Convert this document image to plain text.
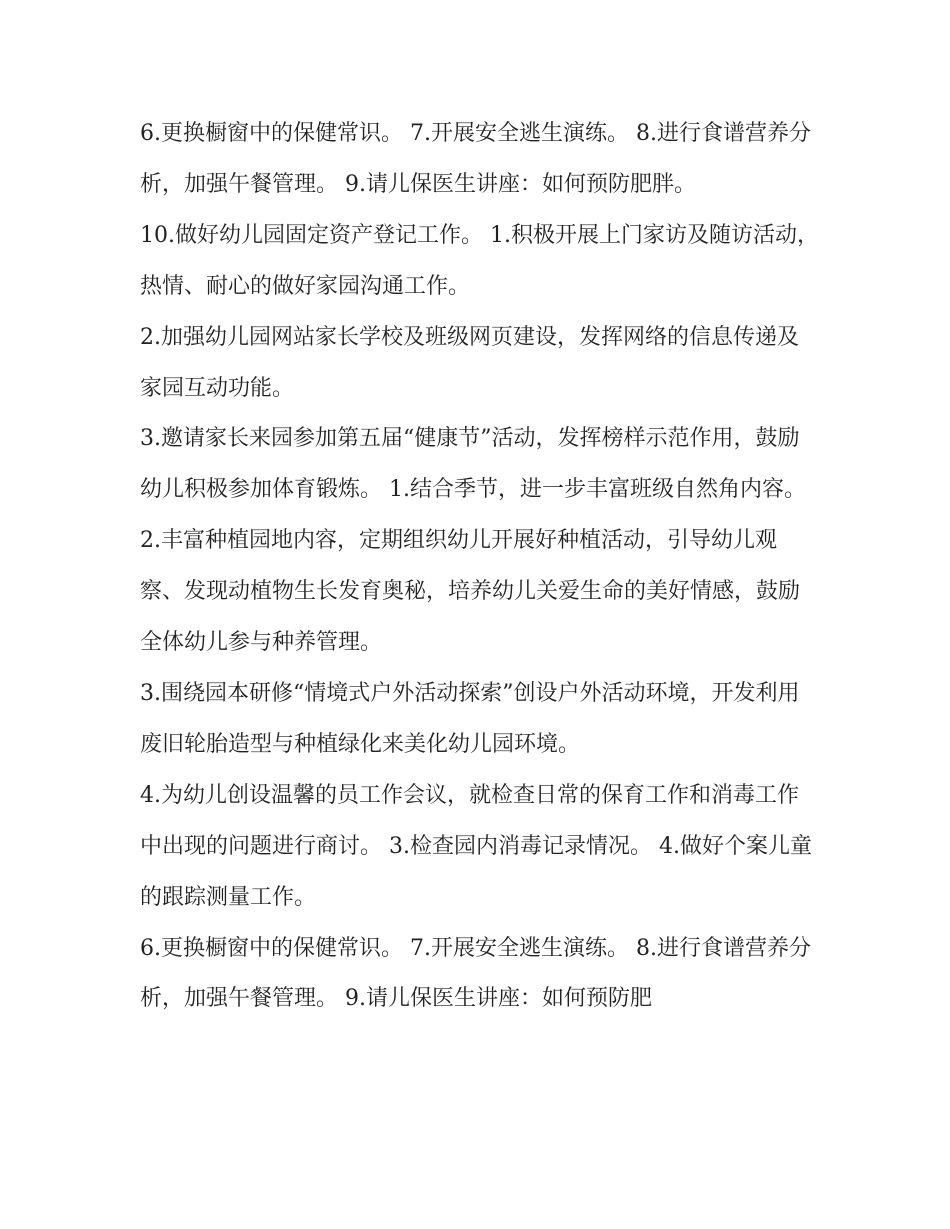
6.更换橱窗中的保健常识。 7.开展安全逃生演练。 8.进行食谱营养分析，加强午餐管理。 9.请儿保医生讲座：如何预防肥胖。

10.做好幼儿园固定资产登记工作。 1.积极开展上门家访及随访活动，热情、耐心的做好家园沟通工作。

2.加强幼儿园网站家长学校及班级网页建设，发挥网络的信息传递及家园互动功能。

3.邀请家长来园参加第五届“健康节”活动，发挥榜样示范作用，鼓励幼儿积极参加体育锻炼。 1.结合季节，进一步丰富班级自然角内容。

2.丰富种植园地内容，定期组织幼儿开展好种植活动，引导幼儿观察、发现动植物生长发育奥秘，培养幼儿关爱生命的美好情感，鼓励全体幼儿参与种养管理。

3.围绕园本研修“情境式户外活动探索”创设户外活动环境，开发利用废旧轮胎造型与种植绿化来美化幼儿园环境。

4.为幼儿创设温馨的员工作会议，就检查日常的保育工作和消毒工作中出现的问题进行商讨。 3.检查园内消毒记录情况。 4.做好个案儿童的跟踪测量工作。

6.更换橱窗中的保健常识。 7.开展安全逃生演练。 8.进行食谱营养分析，加强午餐管理。 9.请儿保医生讲座：如何预防肥
